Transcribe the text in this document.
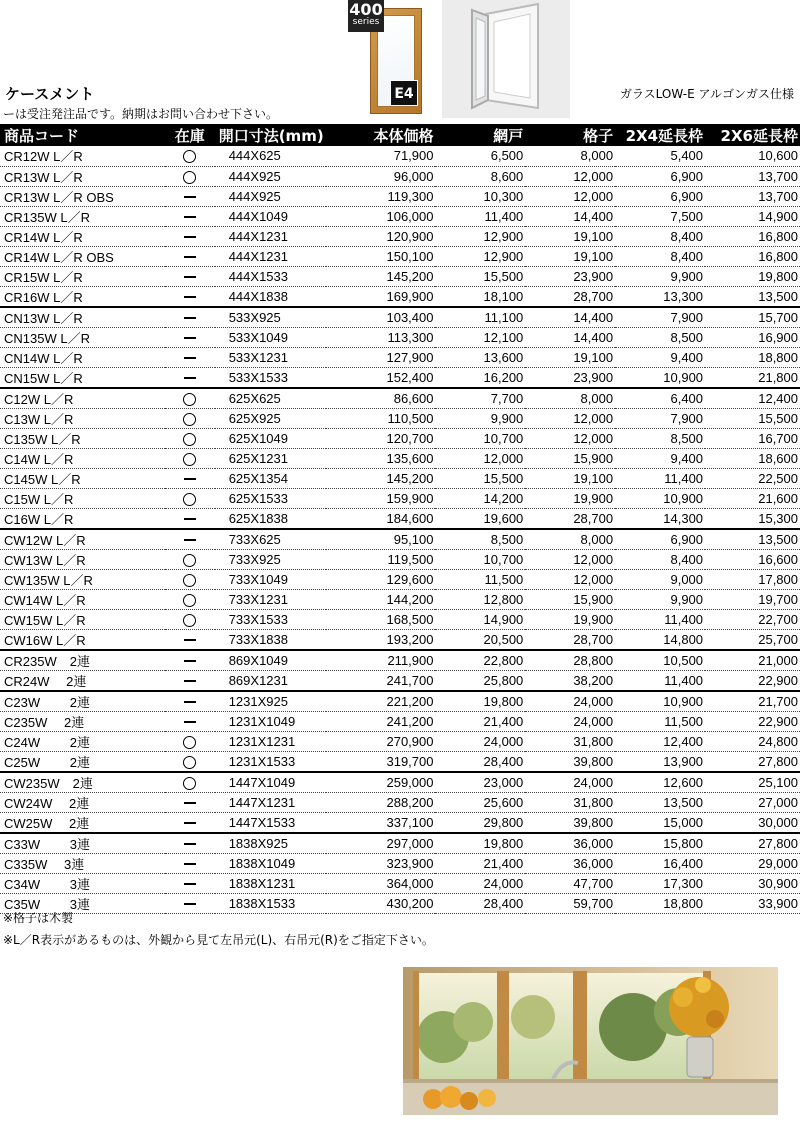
400
series
E4
ケースメント
ーは受注発注品です。納期はお問い合わせ下さい。
ガラスLOW-E アルゴンガス仕様
商品コード	在庫	開口寸法(mm)	本体価格	網戸	格子	2X4延長枠	2X6延長枠
CR12W L／R		444X625	71,900	6,500	8,000	5,400	10,600
CR13W L／R		444X925	96,000	8,600	12,000	6,900	13,700
CR13W L／R OBS		444X925	119,300	10,300	12,000	6,900	13,700
CR135W L／R		444X1049	106,000	11,400	14,400	7,500	14,900
CR14W L／R		444X1231	120,900	12,900	19,100	8,400	16,800
CR14W L／R OBS		444X1231	150,100	12,900	19,100	8,400	16,800
CR15W L／R		444X1533	145,200	15,500	23,900	9,900	19,800
CR16W L／R		444X1838	169,900	18,100	28,700	13,300	13,500
CN13W L／R		533X925	103,400	11,100	14,400	7,900	15,700
CN135W L／R		533X1049	113,300	12,100	14,400	8,500	16,900
CN14W L／R		533X1231	127,900	13,600	19,100	9,400	18,800
CN15W L／R		533X1533	152,400	16,200	23,900	10,900	21,800
C12W L／R		625X625	86,600	7,700	8,000	6,400	12,400
C13W L／R		625X925	110,500	9,900	12,000	7,900	15,500
C135W L／R		625X1049	120,700	10,700	12,000	8,500	16,700
C14W L／R		625X1231	135,600	12,000	15,900	9,400	18,600
C145W L／R		625X1354	145,200	15,500	19,100	11,400	22,500
C15W L／R		625X1533	159,900	14,200	19,900	10,900	21,600
C16W L／R		625X1838	184,600	19,600	28,700	14,300	15,300
CW12W L／R		733X625	95,100	8,500	8,000	6,900	13,500
CW13W L／R		733X925	119,500	10,700	12,000	8,400	16,600
CW135W L／R		733X1049	129,600	11,500	12,000	9,000	17,800
CW14W L／R		733X1231	144,200	12,800	15,900	9,900	19,700
CW15W L／R		733X1533	168,500	14,900	19,900	11,400	22,700
CW16W L／R		733X1838	193,200	20,500	28,700	14,800	25,700
CR235W　2連		869X1049	211,900	22,800	28,800	10,500	21,000
CR24W　 2連		869X1231	241,700	25,800	38,200	11,400	22,900
C23W　　 2連		1231X925	221,200	19,800	24,000	10,900	21,700
C235W　 2連		1231X1049	241,200	21,400	24,000	11,500	22,900
C24W　　 2連		1231X1231	270,900	24,000	31,800	12,400	24,800
C25W　　 2連		1231X1533	319,700	28,400	39,800	13,900	27,800
CW235W　2連		1447X1049	259,000	23,000	24,000	12,600	25,100
CW24W　 2連		1447X1231	288,200	25,600	31,800	13,500	27,000
CW25W　 2連		1447X1533	337,100	29,800	39,800	15,000	30,000
C33W　　 3連		1838X925	297,000	19,800	36,000	15,800	27,800
C335W　 3連		1838X1049	323,900	21,400	36,000	16,400	29,000
C34W　　 3連		1838X1231	364,000	24,000	47,700	17,300	30,900
C35W　　 3連		1838X1533	430,200	28,400	59,700	18,800	33,900
※格子は木製
※L／R表示があるものは、外観から見て左吊元(L)、右吊元(R)をご指定下さい。
